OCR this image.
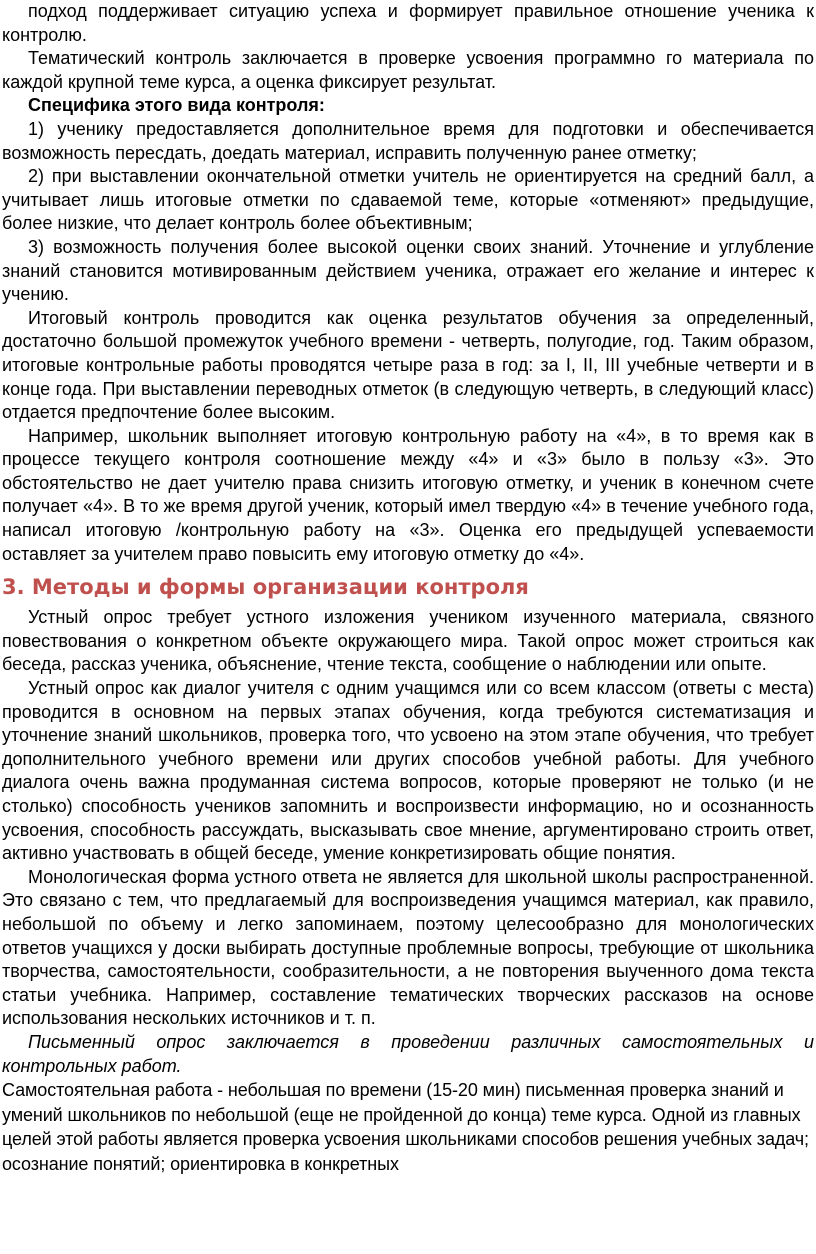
подход поддерживает ситуацию успеха и формирует правильное отношение ученика к контролю.

Тематический контроль заключается в проверке усвоения программно го материала по каждой крупной теме курса, а оценка фиксирует результат.

Специфика этого вида контроля:

1) ученику предоставляется дополнительное время для подготовки и обеспечивается возможность пересдать, доедать материал, исправить полученную ранее отметку;

2) при выставлении окончательной отметки учитель не ориентируется на средний балл, а учитывает лишь итоговые отметки по сдаваемой теме, которые «отменяют» предыдущие, более низкие, что делает контроль более объективным;

3) возможность получения более высокой оценки своих знаний. Уточнение и углубление знаний становится мотивированным действием ученика, отражает его желание и интерес к учению.

Итоговый контроль проводится как оценка результатов обучения за определенный, достаточно большой промежуток учебного времени - четверть, полугодие, год. Таким образом, итоговые контрольные работы проводятся четыре раза в год: за I, II, III учебные четверти и в конце года. При выставлении переводных отметок (в следующую четверть, в следующий класс) отдается предпочтение более высоким.

Например, школьник выполняет итоговую контрольную работу на «4», в то время как в процессе текущего контроля соотношение между «4» и «3» было в пользу «3». Это обстоятельство не дает учителю права снизить итоговую отметку, и ученик в конечном счете получает «4». В то же время другой ученик, который имел твердую «4» в течение учебного года, написал итоговую /контрольную работу на «3». Оценка его предыдущей успеваемости оставляет за учителем право повысить ему итоговую отметку до «4».

3. Методы и формы организации контроля

Устный опрос требует устного изложения учеником изученного материала, связного повествования о конкретном объекте окружающего мира. Такой опрос может строиться как беседа, рассказ ученика, объяснение, чтение текста, сообщение о наблюдении или опыте.

Устный опрос как диалог учителя с одним учащимся или со всем классом (ответы с места) проводится в основном на первых этапах обучения, когда требуются систематизация и уточнение знаний школьников, проверка того, что усвоено на этом этапе обучения, что требует дополнительного учебного времени или других способов учебной работы. Для учебного диалога очень важна продуманная система вопросов, которые проверяют не только (и не столько) способность учеников запомнить и воспроизвести информацию, но и осознанность усвоения, способность рассуждать, высказывать свое мнение, аргументировано строить ответ, активно участвовать в общей беседе, умение конкретизировать общие понятия.

Монологическая форма устного ответа не является для школьной школы распространенной. Это связано с тем, что предлагаемый для воспроизведения учащимся материал, как правило, небольшой по объему и легко запоминаем, поэтому целесообразно для монологических ответов учащихся у доски выбирать доступные проблемные вопросы, требующие от школьника творчества, самостоятельности, сообразительности, а не повторения выученного дома текста статьи учебника. Например, составление тематических творческих рассказов на основе использования нескольких источников и т. п.

Письменный опрос заключается в проведении различных самостоятельных и контрольных работ.

Самостоятельная работа - небольшая по времени (15-20 мин) письменная проверка знаний и умений школьников по небольшой (еще не пройденной до конца) теме курса. Одной из главных целей этой работы является проверка усвоения школьниками способов решения учебных задач; осознание понятий; ориентировка в конкретных
